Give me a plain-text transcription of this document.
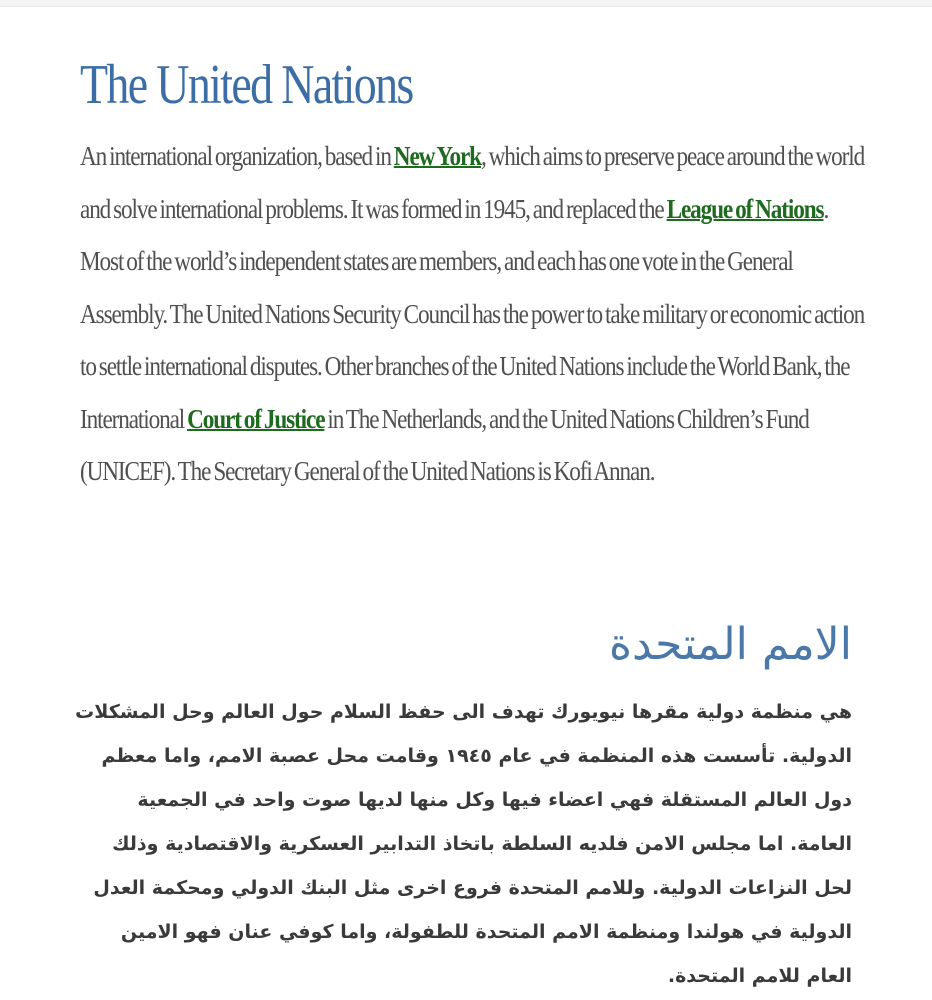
The United Nations

An international organization, based in New York, which aims to preserve peace around the world and solve international problems. It was formed in 1945, and replaced the League of Nations. Most of the world’s independent states are members, and each has one vote in the General Assembly. The United Nations Security Council has the power to take military or economic action to settle international disputes. Other branches of the United Nations include the World Bank, the International Court of Justice in The Netherlands, and the United Nations Children’s Fund (UNICEF). The Secretary General of the United Nations is Kofi Annan.

الامم المتحدة

هي منظمة دولية مقرها نيويورك تهدف الى حفظ السلام حول العالم وحل المشكلات الدولية. تأسست هذه المنظمة في عام ١٩٤٥ وقامت محل عصبة الامم، واما معظم دول العالم المستقلة فهي اعضاء فيها وكل منها لديها صوت واحد في الجمعية العامة. اما مجلس الامن فلديه السلطة باتخاذ التدابير العسكرية والاقتصادية وذلك لحل النزاعات الدولية. وللامم المتحدة فروع اخرى مثل البنك الدولي ومحكمة العدل الدولية في هولندا ومنظمة الامم المتحدة للطفولة، واما كوفي عنان فهو الامين العام للامم المتحدة.
